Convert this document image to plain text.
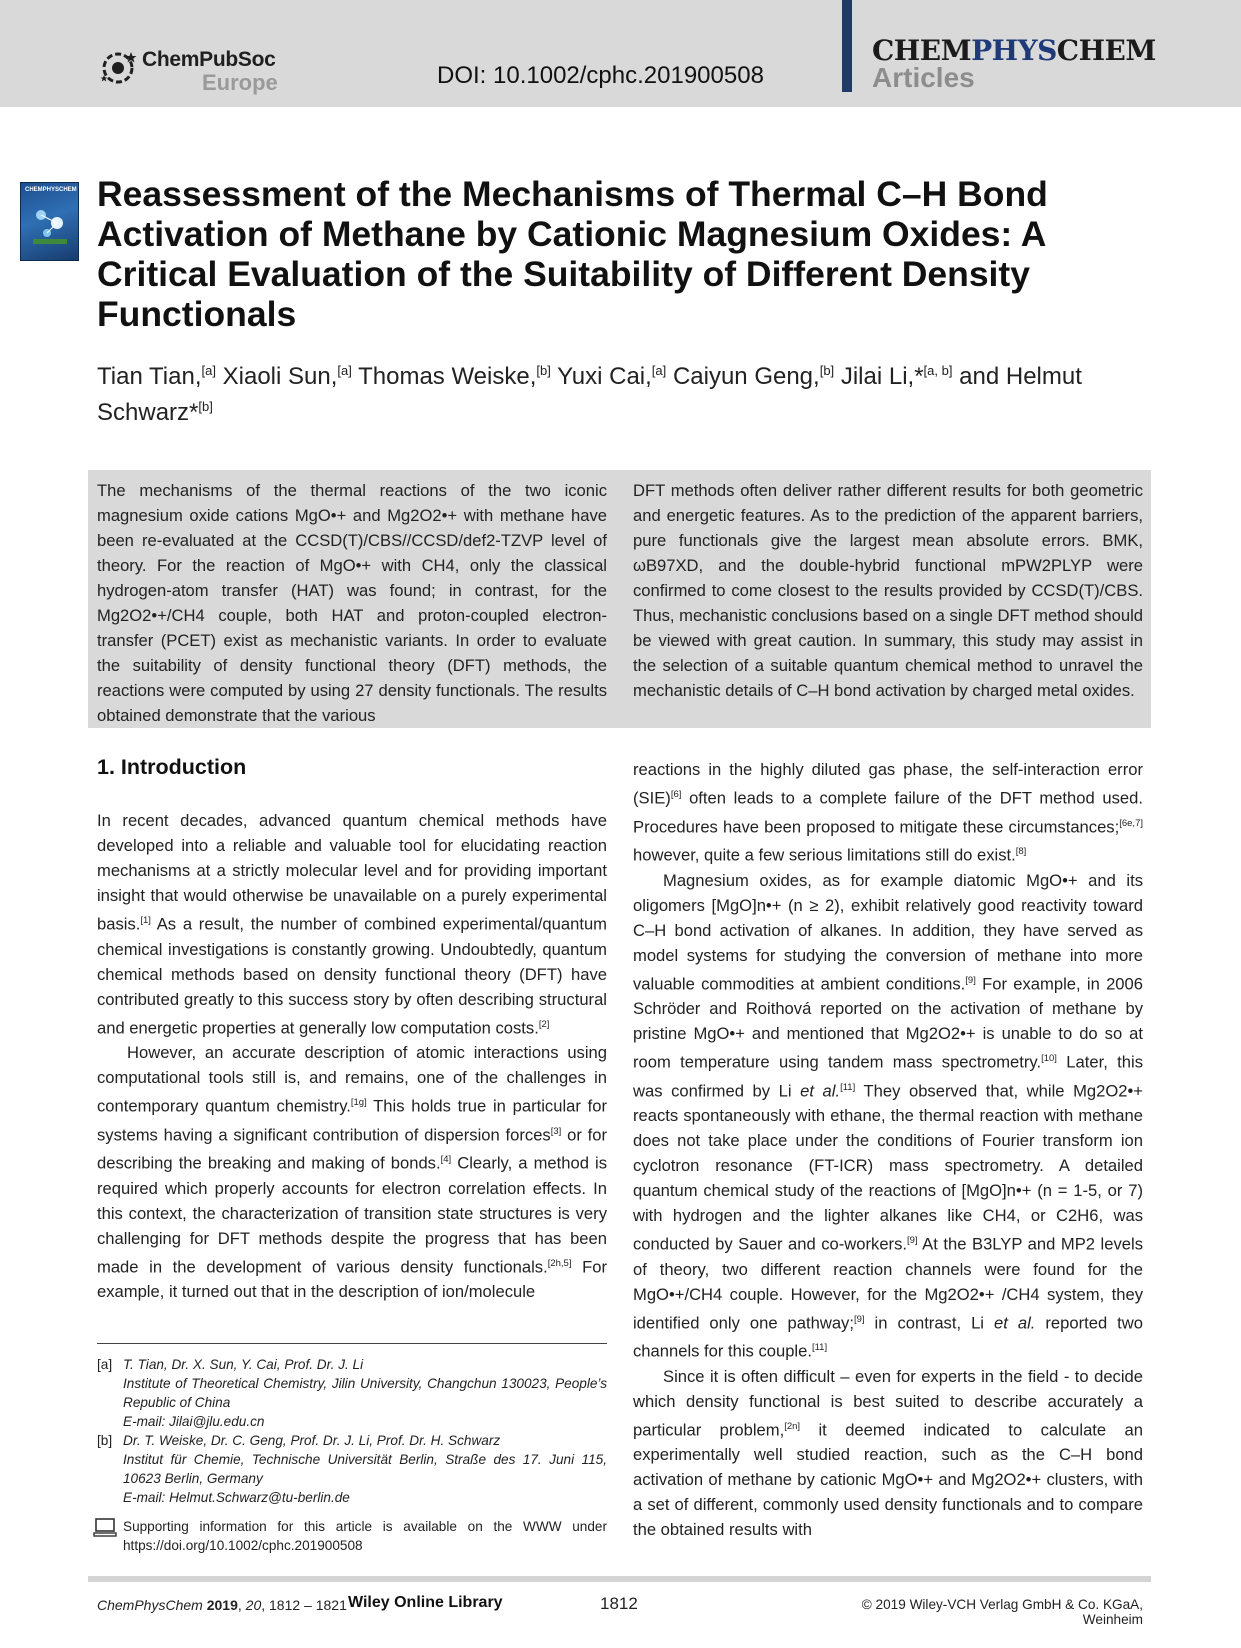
ChemPubSoc
Europe	DOI: 10.1002/cphc.201900508
CHEMPHYSCHEM
Articles
CHEMPHYSCHEM Reassessment of the Mechanisms of Thermal C–H Bond Activation of Methane by Cationic Magnesium Oxides: A Critical Evaluation of the Suitability of Different Density Functionals
Tian Tian,[a] Xiaoli Sun,[a] Thomas Weiske,[b] Yuxi Cai,[a] Caiyun Geng,[b] Jilai Li,*[a, b] and Helmut Schwarz*[b]
The mechanisms of the thermal reactions of the two iconic magnesium oxide cations MgO•+ and Mg2O2•+ with methane have been re-evaluated at the CCSD(T)/CBS//CCSD/def2-TZVP level of theory. For the reaction of MgO•+ with CH4, only the classical hydrogen-atom transfer (HAT) was found; in contrast, for the Mg2O2•+/CH4 couple, both HAT and proton-coupled electron-transfer (PCET) exist as mechanistic variants. In order to evaluate the suitability of density functional theory (DFT) methods, the reactions were computed by using 27 density functionals. The results obtained demonstrate that the various
DFT methods often deliver rather different results for both geometric and energetic features. As to the prediction of the apparent barriers, pure functionals give the largest mean absolute errors. BMK, ωB97XD, and the double-hybrid functional mPW2PLYP were confirmed to come closest to the results provided by CCSD(T)/CBS. Thus, mechanistic conclusions based on a single DFT method should be viewed with great caution. In summary, this study may assist in the selection of a suitable quantum chemical method to unravel the mechanistic details of C–H bond activation by charged metal oxides.
1. Introduction

In recent decades, advanced quantum chemical methods have developed into a reliable and valuable tool for elucidating reaction mechanisms at a strictly molecular level and for providing important insight that would otherwise be unavailable on a purely experimental basis.[1] As a result, the number of combined experimental/quantum chemical investigations is constantly growing. Undoubtedly, quantum chemical methods based on density functional theory (DFT) have contributed greatly to this success story by often describing structural and energetic properties at generally low computation costs.[2]

However, an accurate description of atomic interactions using computational tools still is, and remains, one of the challenges in contemporary quantum chemistry.[1g] This holds true in particular for systems having a significant contribution of dispersion forces[3] or for describing the breaking and making of bonds.[4] Clearly, a method is required which properly accounts for electron correlation effects. In this context, the characterization of transition state structures is very challenging for DFT methods despite the progress that has been made in the development of various density functionals.[2h,5] For example, it turned out that in the description of ion/molecule

reactions in the highly diluted gas phase, the self-interaction error (SIE)[6] often leads to a complete failure of the DFT method used. Procedures have been proposed to mitigate these circumstances;[6e,7] however, quite a few serious limitations still do exist.[8]

Magnesium oxides, as for example diatomic MgO•+ and its oligomers [MgO]n•+ (n ≥ 2), exhibit relatively good reactivity toward C–H bond activation of alkanes. In addition, they have served as model systems for studying the conversion of methane into more valuable commodities at ambient conditions.[9] For example, in 2006 Schröder and Roithová reported on the activation of methane by pristine MgO•+ and mentioned that Mg2O2•+ is unable to do so at room temperature using tandem mass spectrometry.[10] Later, this was confirmed by Li et al.[11] They observed that, while Mg2O2•+ reacts spontaneously with ethane, the thermal reaction with methane does not take place under the conditions of Fourier transform ion cyclotron resonance (FT-ICR) mass spectrometry. A detailed quantum chemical study of the reactions of [MgO]n•+ (n = 1-5, or 7) with hydrogen and the lighter alkanes like CH4, or C2H6, was conducted by Sauer and co-workers.[9] At the B3LYP and MP2 levels of theory, two different reaction channels were found for the MgO•+/CH4 couple. However, for the Mg2O2•+ /CH4 system, they identified only one pathway;[9] in contrast, Li et al. reported two channels for this couple.[11]

Since it is often difficult – even for experts in the field - to decide which density functional is best suited to describe accurately a particular problem,[2n] it deemed indicated to calculate an experimentally well studied reaction, such as the C–H bond activation of methane by cationic MgO•+ and Mg2O2•+ clusters, with a set of different, commonly used density functionals and to compare the obtained results with

[a] T. Tian, Dr. X. Sun, Y. Cai, Prof. Dr. J. Li
Institute of Theoretical Chemistry, Jilin University, Changchun 130023, People’s Republic of China
E-mail: Jilai@jlu.edu.cn
[b] Dr. T. Weiske, Dr. C. Geng, Prof. Dr. J. Li, Prof. Dr. H. Schwarz
Institut für Chemie, Technische Universität Berlin, Straße des 17. Juni 115, 10623 Berlin, Germany
E-mail: Helmut.Schwarz@tu-berlin.de
Supporting information for this article is available on the WWW under https://doi.org/10.1002/cphc.201900508
ChemPhysChem 2019, 20, 1812 – 1821 Wiley Online Library	1812	© 2019 Wiley-VCH Verlag GmbH & Co. KGaA, Weinheim
